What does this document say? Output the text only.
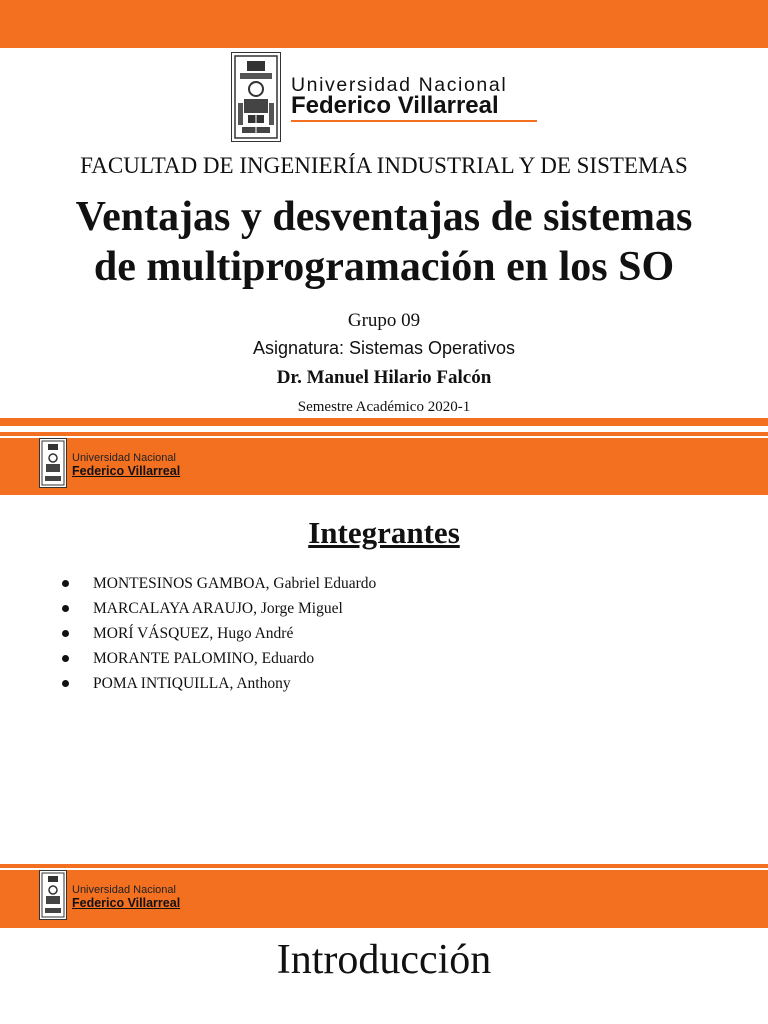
Universidad Nacional
Federico Villarreal
FACULTAD DE INGENIERÍA INDUSTRIAL Y DE SISTEMAS
Ventajas y desventajas de sistemas
de multiprogramación en los SO
Grupo 09
Asignatura: Sistemas Operativos
Dr. Manuel Hilario Falcón
Semestre Académico 2020-1
Universidad Nacional
Federico Villarreal
Integrantes
MONTESINOS GAMBOA, Gabriel Eduardo
MARCALAYA ARAUJO, Jorge Miguel
MORÍ VÁSQUEZ, Hugo André
MORANTE PALOMINO, Eduardo
POMA INTIQUILLA, Anthony
Universidad Nacional
Federico Villarreal
Introducción
